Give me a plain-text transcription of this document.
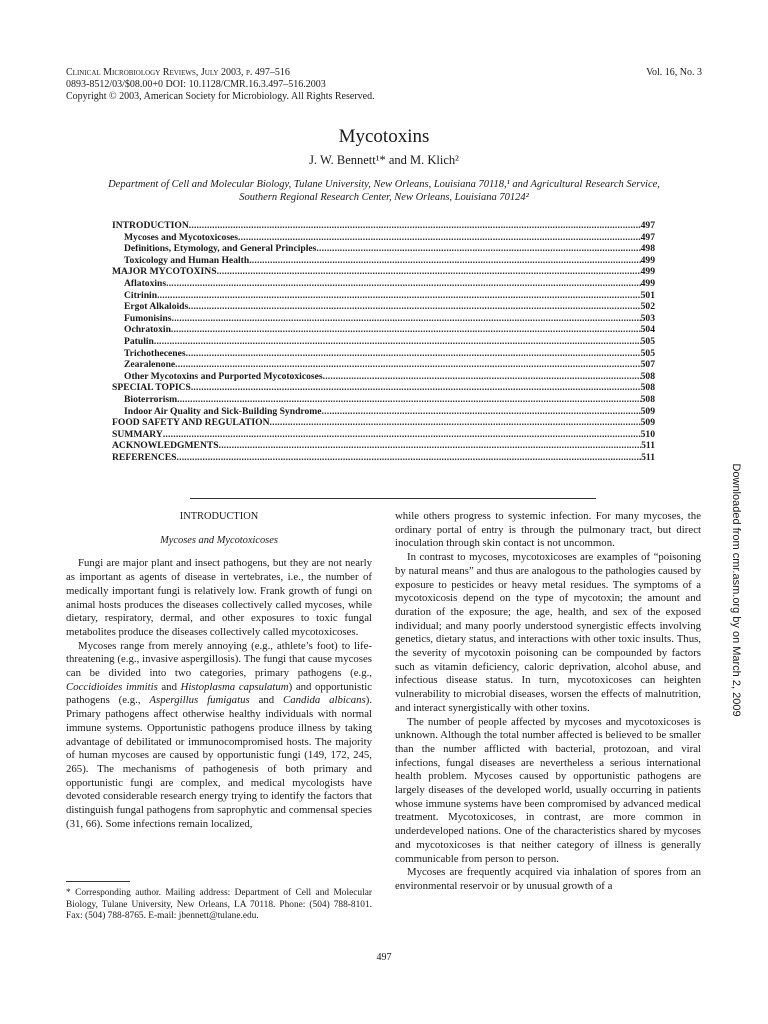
Clinical Microbiology Reviews, July 2003, p. 497–516
0893-8512/03/$08.00+0 DOI: 10.1128/CMR.16.3.497–516.2003
Copyright © 2003, American Society for Microbiology. All Rights Reserved.
Vol. 16, No. 3
Mycotoxins
J. W. Bennett¹* and M. Klich²
Department of Cell and Molecular Biology, Tulane University, New Orleans, Louisiana 70118,¹ and Agricultural Research Service,
Southern Regional Research Center, New Orleans, Louisiana 70124²
INTRODUCTION .....	497
Mycoses and Mycotoxicoses .....	497
Definitions, Etymology, and General Principles .....	498
Toxicology and Human Health .....	499
MAJOR MYCOTOXINS .....	499
Aflatoxins .....	499
Citrinin .....	501
Ergot Alkaloids .....	502
Fumonisins .....	503
Ochratoxin .....	504
Patulin .....	505
Trichothecenes .....	505
Zearalenone .....	507
Other Mycotoxins and Purported Mycotoxicoses .....	508
SPECIAL TOPICS .....	508
Bioterrorism .....	508
Indoor Air Quality and Sick-Building Syndrome .....	509
FOOD SAFETY AND REGULATION .....	509
SUMMARY .....	510
ACKNOWLEDGMENTS .....	511
REFERENCES .....	511
INTRODUCTION
Mycoses and Mycotoxicoses

Fungi are major plant and insect pathogens, but they are not nearly as important as agents of disease in vertebrates, i.e., the number of medically important fungi is relatively low. Frank growth of fungi on animal hosts produces the diseases collectively called mycoses, while dietary, respiratory, dermal, and other exposures to toxic fungal metabolites produce the diseases collectively called mycotoxicoses.

Mycoses range from merely annoying (e.g., athlete’s foot) to life-threatening (e.g., invasive aspergillosis). The fungi that cause mycoses can be divided into two categories, primary pathogens (e.g., Coccidioides immitis and Histoplasma capsulatum) and opportunistic pathogens (e.g., Aspergillus fumigatus and Candida albicans). Primary pathogens affect otherwise healthy individuals with normal immune systems. Opportunistic pathogens produce illness by taking advantage of debilitated or immunocompromised hosts. The majority of human mycoses are caused by opportunistic fungi (149, 172, 245, 265). The mechanisms of pathogenesis of both primary and opportunistic fungi are complex, and medical mycologists have devoted considerable research energy trying to identify the factors that distinguish fungal pathogens from saprophytic and commensal species (31, 66). Some infections remain localized,

while others progress to systemic infection. For many mycoses, the ordinary portal of entry is through the pulmonary tract, but direct inoculation through skin contact is not uncommon.

In contrast to mycoses, mycotoxicoses are examples of “poisoning by natural means” and thus are analogous to the pathologies caused by exposure to pesticides or heavy metal residues. The symptoms of a mycotoxicosis depend on the type of mycotoxin; the amount and duration of the exposure; the age, health, and sex of the exposed individual; and many poorly understood synergistic effects involving genetics, dietary status, and interactions with other toxic insults. Thus, the severity of mycotoxin poisoning can be compounded by factors such as vitamin deficiency, caloric deprivation, alcohol abuse, and infectious disease status. In turn, mycotoxicoses can heighten vulnerability to microbial diseases, worsen the effects of malnutrition, and interact synergistically with other toxins.

The number of people affected by mycoses and mycotoxicoses is unknown. Although the total number affected is believed to be smaller than the number afflicted with bacterial, protozoan, and viral infections, fungal diseases are nevertheless a serious international health problem. Mycoses caused by opportunistic pathogens are largely diseases of the developed world, usually occurring in patients whose immune systems have been compromised by advanced medical treatment. Mycotoxicoses, in contrast, are more common in underdeveloped nations. One of the characteristics shared by mycoses and mycotoxicoses is that neither category of illness is generally communicable from person to person.

Mycoses are frequently acquired via inhalation of spores from an environmental reservoir or by unusual growth of a

* Corresponding author. Mailing address: Department of Cell and Molecular Biology, Tulane University, New Orleans, LA 70118. Phone: (504) 788-8101. Fax: (504) 788-8765. E-mail: jbennett@tulane.edu.
497
Downloaded from cmr.asm.org by on March 2, 2009
